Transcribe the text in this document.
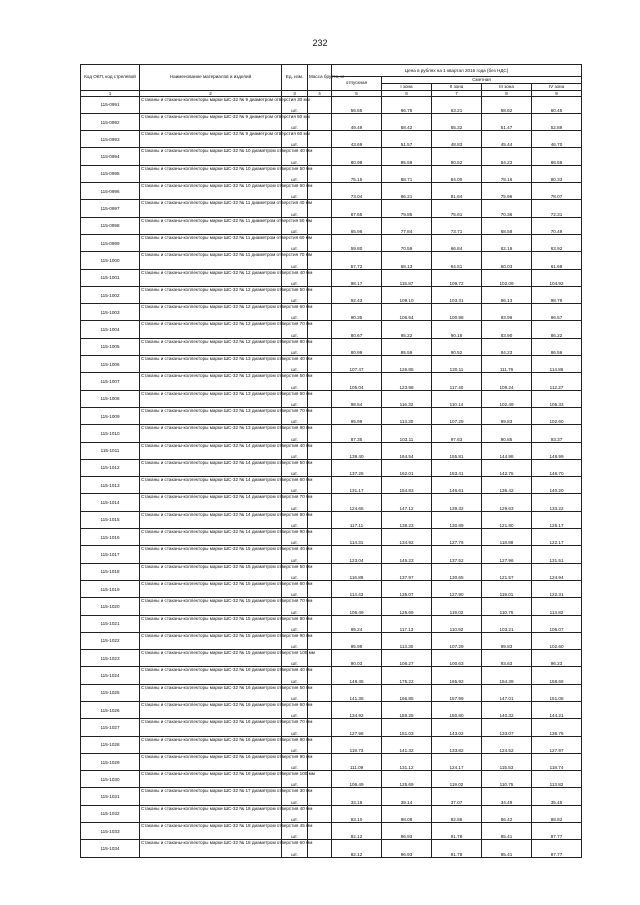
232
Код ОКП, код стрелевой	Наименование материалов и изделий	Ед. изм.	Масса брутто, кг	Цена в рублях на 1 квартал 2016 года (без НДС)				
				отпускная	Сметная			
					I зона	II зона	III зона	IV зона
1	2	3	4	5	6	7	8	9
115-0991	Стаканы и стаканы-коллекторы марки ШС-32 № 9 диаметром отверстия 30 мм	шт.		56.55	66.75	63.21	58.62	60.45
115-0992	Стаканы и стаканы-коллекторы марки ШС-32 № 9 диаметром отверстия 50 мм	шт.		49.49	58.42	55.32	51.47	52.89
115-0993	Стаканы и стаканы-коллекторы марки ШС-32 № 9 диаметром отверстия 60 мм	шт.		43.69	51.57	48.83	45.44	46.70
115-0994	Стаканы и стаканы-коллекторы марки ШС-32 № 10 диаметром отверстия 40 мм	шт.		80.98	95.59	90.52	84.23	86.56
115-0995	Стаканы и стаканы-коллекторы марки ШС-32 № 10 диаметром отверстия 50 мм	шт.		75.15	88.71	84.00	78.16	80.33
115-0996	Стаканы и стаканы-коллекторы марки ШС-32 № 10 диаметром отверстия 60 мм	шт.		73.04	86.21	81.64	75.96	78.07
115-0997	Стаканы и стаканы-коллекторы марки ШС-32 № 11 диаметром отверстия 40 мм	шт.		67.65	79.85	75.61	70.36	72.31
115-0998	Стаканы и стаканы-коллекторы марки ШС-32 № 11 диаметром отверстия 50 мм	шт.		65.96	77.84	73.71	68.58	70.49
115-0999	Стаканы и стаканы-коллекторы марки ШС-32 № 11 диаметром отверстия 60 мм	шт.		59.80	70.59	66.84	62.19	63.92
115-1000	Стаканы и стаканы-коллекторы марки ШС-32 № 11 диаметром отверстия 70 мм	шт.		57.72	68.13	64.51	60.03	61.69
115-1001	Стаканы и стаканы-коллекторы марки ШС-32 № 12 диаметром отверстия 40 мм	шт.		98.17	115.87	109.72	102.09	104.92
115-1002	Стаканы и стаканы-коллекторы марки ШС-32 № 12 диаметром отверстия 50 мм	шт.		92.43	109.10	103.31	96.13	98.79
115-1003	Стаканы и стаканы-коллекторы марки ШС-32 № 12 диаметром отверстия 60 мм	шт.		90.35	106.64	100.98	93.96	96.57
115-1004	Стаканы и стаканы-коллекторы марки ШС-32 № 12 диаметром отверстия 70 мм	шт.		80.67	95.22	90.16	83.90	86.22
115-1005	Стаканы и стаканы-коллекторы марки ШС-32 № 12 диаметром отверстия 80 мм	шт.		80.99	95.59	90.52	84.23	86.56
115-1006	Стаканы и стаканы-коллекторы марки ШС-32 № 13 диаметром отверстия 40 мм	шт.		107.47	126.85	120.11	111.76	114.86
115-1007	Стаканы и стаканы-коллекторы марки ШС-32 № 13 диаметром отверстия 50 мм	шт.		105.04	123.98	117.40	109.24	112.27
115-1008	Стаканы и стаканы-коллекторы марки ШС-32 № 13 диаметром отверстия 60 мм	шт.		98.54	116.32	110.14	102.49	105.33
115-1009	Стаканы и стаканы-коллекторы марки ШС-32 № 13 диаметром отверстия 70 мм	шт.		95.99	113.30	107.29	99.83	102.60
115-1010	Стаканы и стаканы-коллекторы марки ШС-32 № 13 диаметром отверстия 80 мм	шт.		87.35	103.11	97.63	90.85	93.37
115-1011	Стаканы и стаканы-коллекторы марки ШС-32 № 14 диаметром отверстия 40 мм	шт.		139.40	164.54	155.81	144.98	148.99
115-1012	Стаканы и стаканы-коллекторы марки ШС-32 № 14 диаметром отверстия 50 мм	шт.		137.26	162.01	153.41	142.75	146.70
115-1013	Стаканы и стаканы-коллекторы марки ШС-32 № 14 диаметром отверстия 60 мм	шт.		131.17	154.83	146.61	136.42	140.20
115-1014	Стаканы и стаканы-коллекторы марки ШС-32 № 14 диаметром отверстия 70 мм	шт.		124.65	147.12	139.32	129.63	133.22
115-1015	Стаканы и стаканы-коллекторы марки ШС-32 № 14 диаметром отверстия 80 мм	шт.		117.11	138.23	130.89	121.80	125.17
115-1016	Стаканы и стаканы-коллекторы марки ШС-32 № 14 диаметром отверстия 90 мм	шт.		114.31	134.92	127.76	118.88	122.17
115-1017	Стаканы и стаканы-коллекторы марки ШС-32 № 15 диаметром отверстия 40 мм	шт.		123.04	145.23	137.52	127.96	131.51
115-1018	Стаканы и стаканы-коллекторы марки ШС-32 № 15 диаметром отверстия 50 мм	шт.		116.89	137.97	130.65	121.57	124.94
115-1019	Стаканы и стаканы-коллекторы марки ШС-32 № 15 диаметром отверстия 60 мм	шт.		114.43	135.07	127.90	119.01	122.31
115-1020	Стаканы и стаканы-коллекторы марки ШС-32 № 15 диаметром отверстия 70 мм	шт.		106.49	125.69	119.02	110.75	113.82
115-1021	Стаканы и стаканы-коллекторы марки ШС-32 № 15 диаметром отверстия 80 мм	шт.		99.24	117.13	110.92	103.21	106.07
115-1022	Стаканы и стаканы-коллекторы марки ШС-32 № 15 диаметром отверстия 90 мм	шт.		95.99	113.30	107.29	99.83	102.60
115-1023	Стаканы и стаканы-коллекторы марки ШС-32 № 15 диаметром отверстия 100 мм	шт.		90.03	106.27	100.63	93.63	96.23
115-1024	Стаканы и стаканы-коллекторы марки ШС-32 № 16 диаметром отверстия 40 мм	шт.		148.45	175.22	165.92	154.39	158.66
115-1025	Стаканы и стаканы-коллекторы марки ШС-32 № 16 диаметром отверстия 50 мм	шт.		141.35	166.85	157.99	147.01	151.08
115-1026	Стаканы и стаканы-коллекторы марки ШС-32 № 16 диаметром отверстия 60 мм	шт.		134.92	159.25	150.80	140.32	144.21
115-1027	Стаканы и стаканы-коллекторы марки ШС-32 № 16 диаметром отверстия 70 мм	шт.		127.96	151.03	143.02	133.07	136.76
115-1028	Стаканы и стаканы-коллекторы марки ШС-32 № 16 диаметром отверстия 80 мм	шт.		119.73	141.32	133.82	124.52	127.97
115-1029	Стаканы и стаканы-коллекторы марки ШС-32 № 16 диаметром отверстия 90 мм	шт.		111.09	131.12	124.17	115.53	118.74
115-1030	Стаканы и стаканы-коллекторы марки ШС-32 № 16 диаметром отверстия 100 мм	шт.		106.49	125.69	119.02	110.75	113.82
115-1031	Стаканы и стаканы-коллекторы марки ШС-32 № 17 диаметром отверстия 30 мм	шт.		33.16	39.14	37.07	34.49	35.45
115-1032	Стаканы и стаканы-коллекторы марки ШС-32 № 18 диаметром отверстия 40 мм	шт.		83.10	98.08	92.88	86.42	88.82
115-1033	Стаканы и стаканы-коллекторы марки ШС-32 № 18 диаметром отверстия 45 мм	шт.		82.12	96.93	91.78	85.41	87.77
115-1034	Стаканы и стаканы-коллекторы марки ШС-32 № 18 диаметром отверстия 60 мм	шт.		82.12	96.93	91.78	85.41	87.77
